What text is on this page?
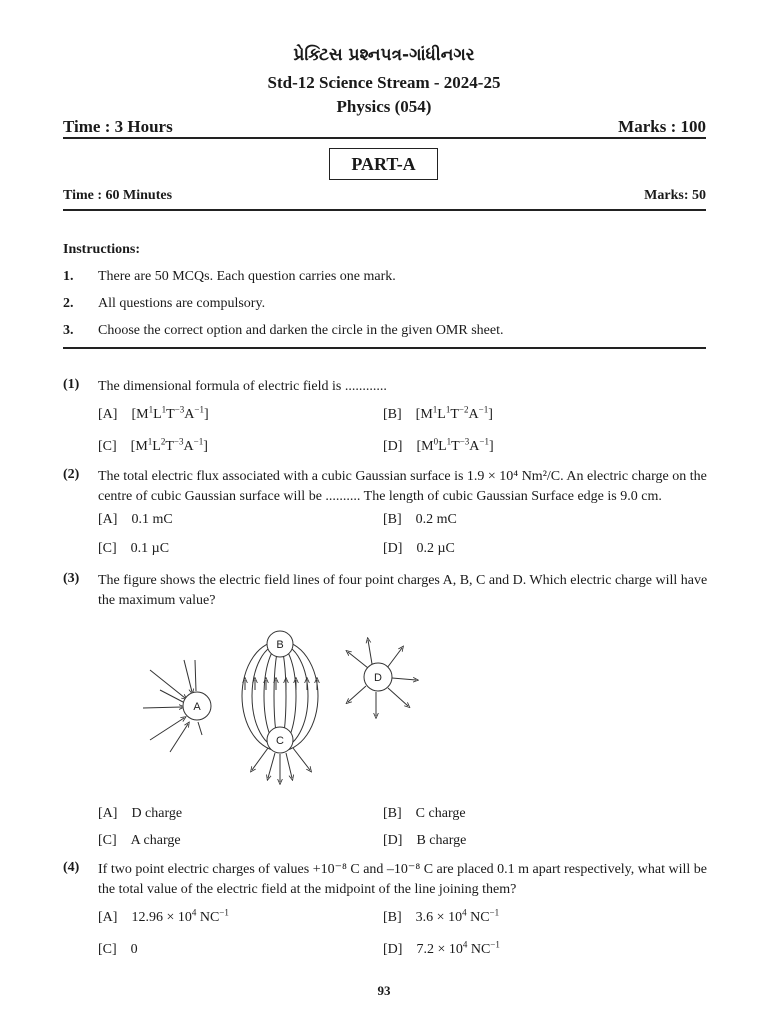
પ્રેક્ટિસ પ્રશ્નપત્ર-ગાંધીનગર
Std-12 Science Stream - 2024-25
Physics (054)
Time : 3 Hours	Marks : 100
PART-A
Time : 60 Minutes	Marks: 50
Instructions:
1. There are 50 MCQs. Each question carries one mark.
2. All questions are compulsory.
3. Choose the correct option and darken the circle in the given OMR sheet.
(1) The dimensional formula of electric field is ............
[A] $[M^1L^1T^{-3}A^{-1}]$	[B] $[M^1L^1T^{-2}A^{-1}]$
[C] $[M^1L^2T^{-3}A^{-1}]$	[D] $[M^0L^1T^{-3}A^{-1}]$
(2) The total electric flux associated with a cubic Gaussian surface is 1.9 × 10⁴ Nm²/C. An electric charge on the centre of cubic Gaussian surface will be .......... The length of cubic Gaussian Surface edge is 9.0 cm.
[A] 0.1 mC	[B] 0.2 mC
[C] 0.1 µC	[D] 0.2 µC
(3) The figure shows the electric field lines of four point charges A, B, C and D. Which electric charge will have the maximum value?
A
B
C
D
[A] D charge	[B] C charge
[C] A charge	[D] B charge
(4) If two point electric charges of values +10⁻⁸ C and –10⁻⁸ C are placed 0.1 m apart respectively, what will be the total value of the electric field at the midpoint of the line joining them?
[A] $12.96 \times 10^4$ $NC^{-1}$	[B] $3.6 \times 10^4$ $NC^{-1}$
[C] 0	[D] $7.2 \times 10^4$ $NC^{-1}$
93
